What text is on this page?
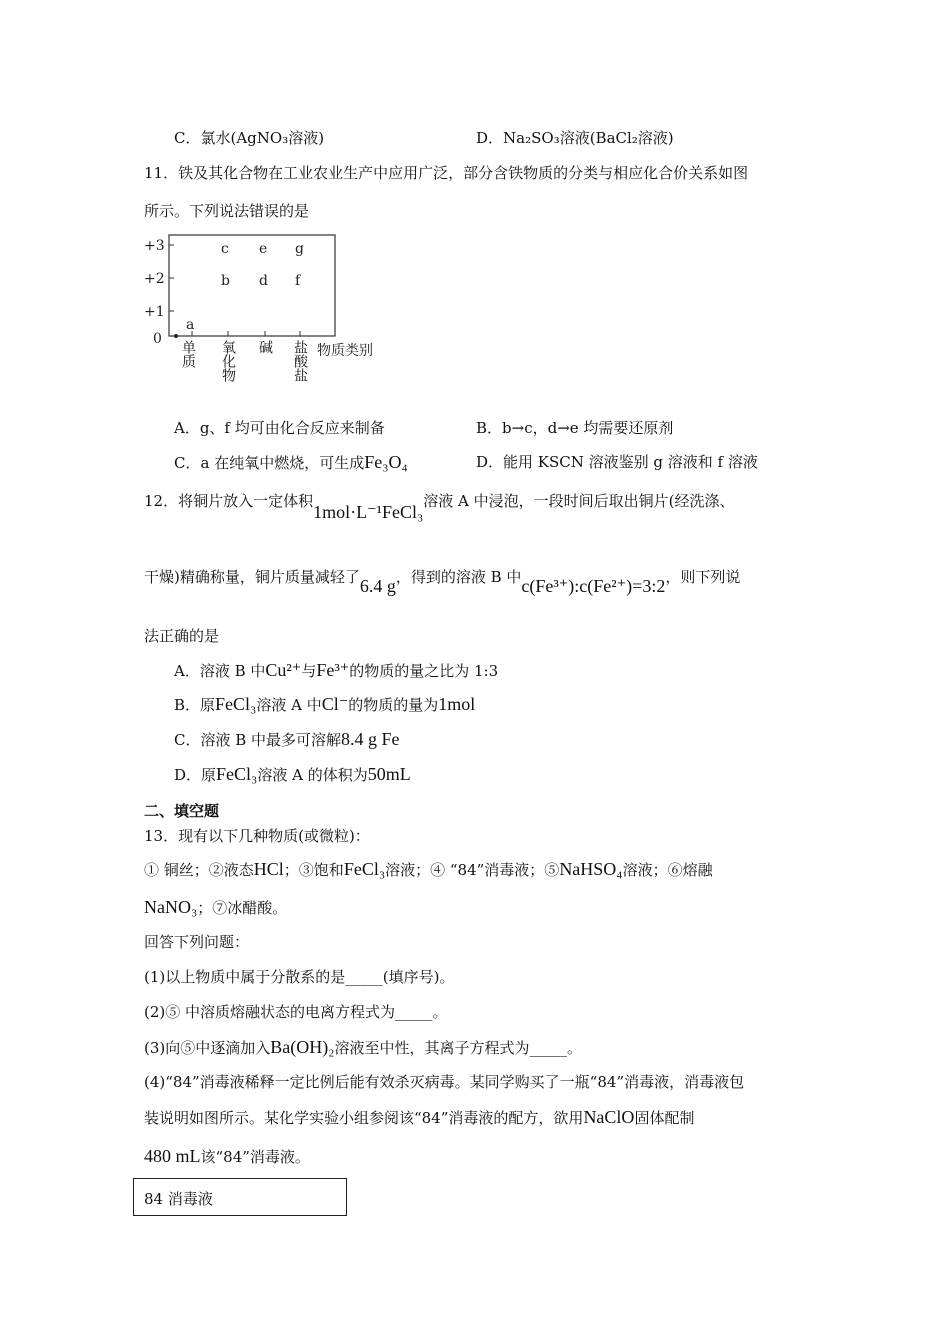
C．氯水(AgNO₃溶液)	D．Na₂SO₃溶液(BaCl₂溶液)
11．铁及其化合物在工业农业生产中应用广泛，部分含铁物质的分类与相应化合价关系如图
所示。下列说法错误的是
+3
+2
+1
0
a
b
c
d
e
f
g
单质 氧化物 碱 盐酸盐 物质类别
A．g、f 均可由化合反应来制备	B．b→c，d→e 均需要还原剂
C．a 在纯氧中燃烧，可生成Fe₃O₄	D．能用 KSCN 溶液鉴别 g 溶液和 f 溶液
12．将铜片放入一定体积1mol·L⁻¹FeCl₃溶液 A 中浸泡，一段时间后取出铜片(经洗涤、
干燥)精确称量，铜片质量减轻了6.4 g，得到的溶液 B 中c(Fe³⁺):c(Fe²⁺)=3:2，则下列说
法正确的是
A．溶液 B 中Cu²⁺与Fe³⁺的物质的量之比为 1:3
B．原FeCl₃溶液 A 中Cl⁻的物质的量为1mol
C．溶液 B 中最多可溶解8.4 g Fe
D．原FeCl₃溶液 A 的体积为50mL
二、填空题
13．现有以下几种物质(或微粒)：
① 铜丝；②液态HCl；③饱和FeCl₃溶液；④ “84”消毒液；⑤NaHSO₄溶液；⑥熔融
NaNO₃；⑦冰醋酸。
回答下列问题：
(1)以上物质中属于分散系的是_____(填序号)。
(2)⑤ 中溶质熔融状态的电离方程式为_____。
(3)向⑤中逐滴加入Ba(OH)₂溶液至中性，其离子方程式为_____。
(4)“84”消毒液稀释一定比例后能有效杀灭病毒。某同学购买了一瓶“84”消毒液，消毒液包
装说明如图所示。某化学实验小组参阅该“84”消毒液的配方，欲用NaClO固体配制
480 mL该“84”消毒液。
84 消毒液
